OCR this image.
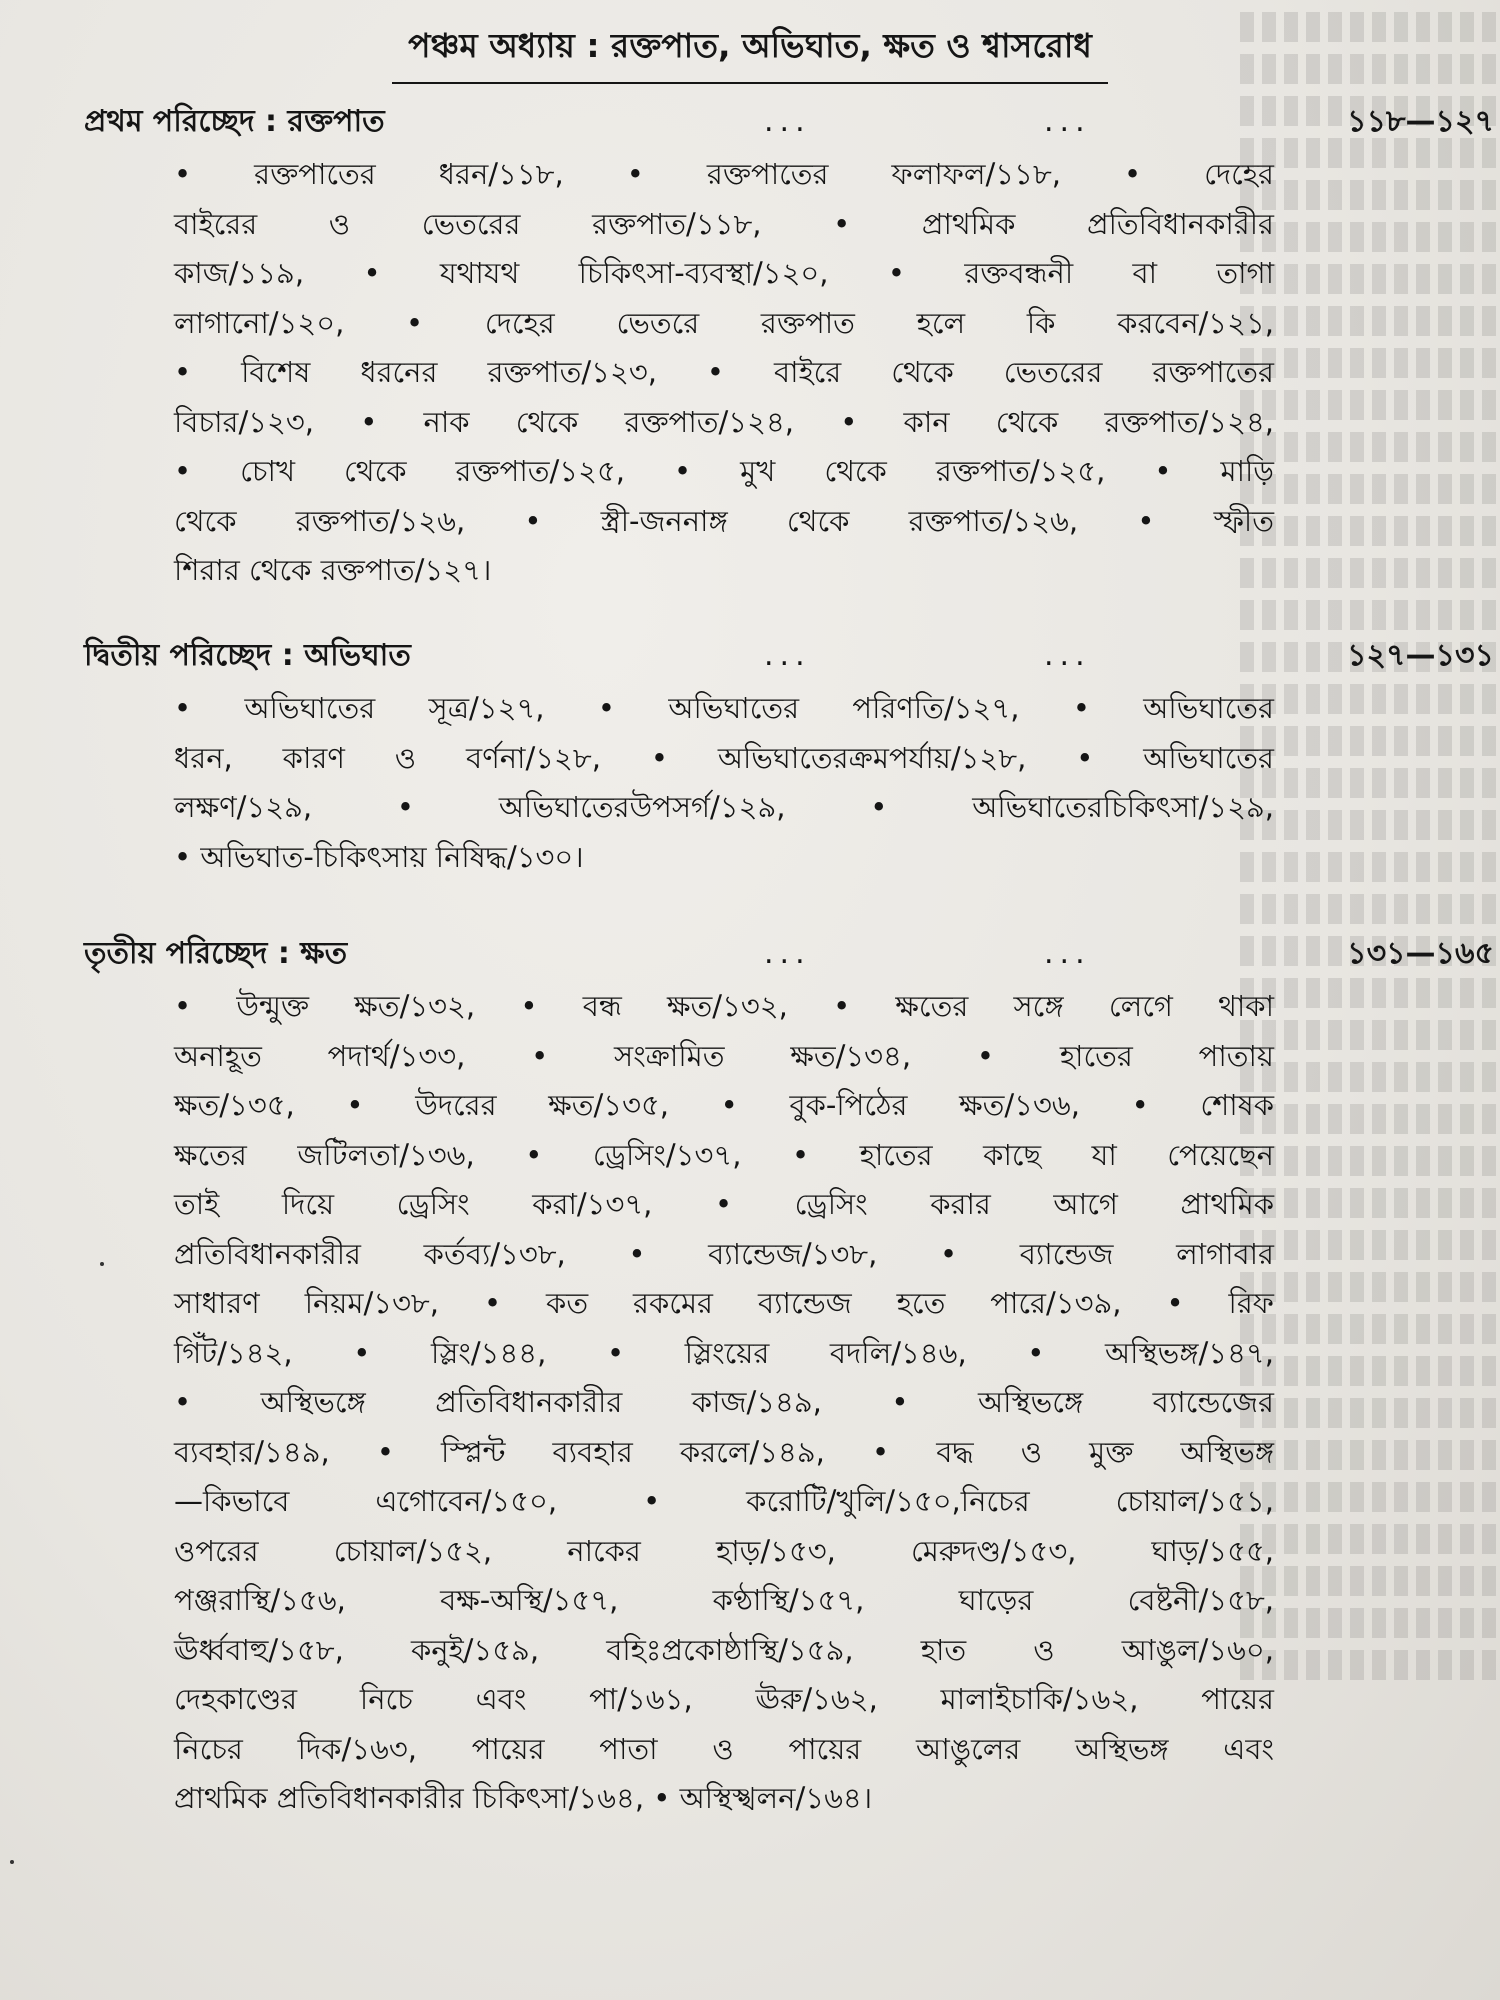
পঞ্চম অধ্যায় : রক্তপাত, অভিঘাত, ক্ষত ও শ্বাসরোধ
প্রথম পরিচ্ছেদ : রক্তপাত	...	...	১১৮—১২৭
• রক্তপাতের ধরন/১১৮, • রক্তপাতের ফলাফল/১১৮, • দেহের
বাইরের ও ভেতরের রক্তপাত/১১৮, • প্রাথমিক প্রতিবিধানকারীর
কাজ/১১৯, • যথাযথ চিকিৎসা-ব্যবস্থা/১২০, • রক্তবন্ধনী বা তাগা
লাগানো/১২০, • দেহের ভেতরে রক্তপাত হলে কি করবেন/১২১,
• বিশেষ ধরনের রক্তপাত/১২৩, • বাইরে থেকে ভেতরের রক্তপাতের
বিচার/১২৩, • নাক থেকে রক্তপাত/১২৪, • কান থেকে রক্তপাত/১২৪,
• চোখ থেকে রক্তপাত/১২৫, • মুখ থেকে রক্তপাত/১২৫, • মাড়ি
থেকে রক্তপাত/১২৬, • স্ত্রী-জননাঙ্গ থেকে রক্তপাত/১২৬, • স্ফীত
শিরার থেকে রক্তপাত/১২৭।
দ্বিতীয় পরিচ্ছেদ : অভিঘাত	...	...	১২৭—১৩১
• অভিঘাতের সূত্র/১২৭, • অভিঘাতের পরিণতি/১২৭, • অভিঘাতের
ধরন, কারণ ও বর্ণনা/১২৮, • অভিঘাতেরক্রমপর্যায়/১২৮, • অভিঘাতের
লক্ষণ/১২৯, • অভিঘাতেরউপসর্গ/১২৯, • অভিঘাতেরচিকিৎসা/১২৯,
• অভিঘাত-চিকিৎসায় নিষিদ্ধ/১৩০।
তৃতীয় পরিচ্ছেদ : ক্ষত	...	...	১৩১—১৬৫
• উন্মুক্ত ক্ষত/১৩২, • বন্ধ ক্ষত/১৩২, • ক্ষতের সঙ্গে লেগে থাকা
অনাহূত পদার্থ/১৩৩, • সংক্রামিত ক্ষত/১৩৪, • হাতের পাতায়
ক্ষত/১৩৫, • উদরের ক্ষত/১৩৫, • বুক-পিঠের ক্ষত/১৩৬, • শোষক
ক্ষতের জটিলতা/১৩৬, • ড্রেসিং/১৩৭, • হাতের কাছে যা পেয়েছেন
তাই দিয়ে ড্রেসিং করা/১৩৭, • ড্রেসিং করার আগে প্রাথমিক
প্রতিবিধানকারীর কর্তব্য/১৩৮, • ব্যান্ডেজ/১৩৮, • ব্যান্ডেজ লাগাবার
সাধারণ নিয়ম/১৩৮, • কত রকমের ব্যান্ডেজ হতে পারে/১৩৯, • রিফ
গিঁট/১৪২, • স্লিং/১৪৪, • স্লিংয়ের বদলি/১৪৬, • অস্থিভঙ্গ/১৪৭,
• অস্থিভঙ্গে প্রতিবিধানকারীর কাজ/১৪৯, • অস্থিভঙ্গে ব্যান্ডেজের
ব্যবহার/১৪৯, • স্প্লিন্ট ব্যবহার করলে/১৪৯, • বদ্ধ ও মুক্ত অস্থিভঙ্গ
—কিভাবে এগোবেন/১৫০, • করোটি/খুলি/১৫০,নিচের চোয়াল/১৫১,
ওপরের চোয়াল/১৫২, নাকের হাড়/১৫৩, মেরুদণ্ড/১৫৩, ঘাড়/১৫৫,
পঞ্জরাস্থি/১৫৬, বক্ষ-অস্থি/১৫৭, কণ্ঠাস্থি/১৫৭, ঘাড়ের বেষ্টনী/১৫৮,
ঊর্ধ্ববাহু/১৫৮, কনুই/১৫৯, বহিঃপ্রকোষ্ঠাস্থি/১৫৯, হাত ও আঙুল/১৬০,
দেহকাণ্ডের নিচে এবং পা/১৬১, ঊরু/১৬২, মালাইচাকি/১৬২, পায়ের
নিচের দিক/১৬৩, পায়ের পাতা ও পায়ের আঙুলের অস্থিভঙ্গ এবং
প্রাথমিক প্রতিবিধানকারীর চিকিৎসা/১৬৪, • অস্থিস্খলন/১৬৪।
